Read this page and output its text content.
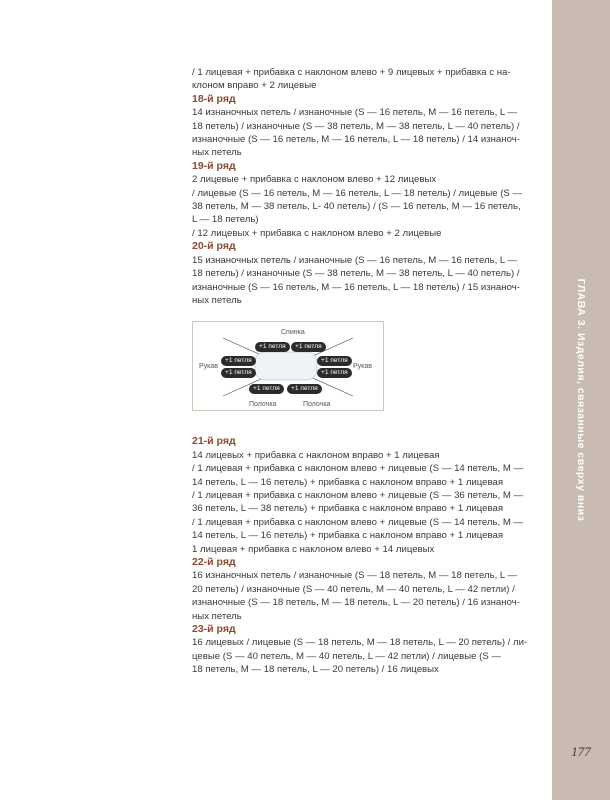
/ 1 лицевая + прибавка с наклоном влево + 9 лицевых + прибавка с на- клоном вправо + 2 лицевые

18-й ряд

14 изнаночных петель / изнаночные (S — 16 петель, M — 16 петель, L —

18 петель) / изнаночные (S — 38 петель, M — 38 петель, L — 40 петель) /

изнаночные (S — 16 петель, M — 16 петель, L — 18 петель) / 14 изнаноч-

ных петель

19-й ряд

2 лицевые + прибавка с наклоном влево + 12 лицевых

/ лицевые (S — 16 петель, M — 16 петель, L — 18 петель) / лицевые (S —

38 петель, M — 38 петель, L- 40 петель) / (S — 16 петель, M — 16 петель,

L — 18 петель)

/ 12 лицевых + прибавка с наклоном влево + 2 лицевые

20-й ряд

15 изнаночных петель / изнаночные (S — 16 петель, M — 16 петель, L —

18 петель) / изнаночные (S — 38 петель, M — 38 петель, L — 40 петель) /

изнаночные (S — 16 петель, M — 16 петель, L — 18 петель) / 15 изнаноч-

ных петель

Спинка
Рукав	Рукав
Полочка	Полочка
+1 петля	+1 петля
+1 петля
+1 петля
+1 петля
+1 петля
+1 петля	+1 петля

21-й ряд

14 лицевых + прибавка с наклоном вправо + 1 лицевая

/ 1 лицевая + прибавка с наклоном влево + лицевые (S — 14 петель, M —

14 петель, L — 16 петель) + прибавка с наклоном вправо + 1 лицевая

/ 1 лицевая + прибавка с наклоном влево + лицевые (S — 36 петель, M —

36 петель, L — 38 петель) + прибавка с наклоном вправо + 1 лицевая

/ 1 лицевая + прибавка с наклоном влево + лицевые (S — 14 петель, M —

14 петель, L — 16 петель) + прибавка с наклоном вправо + 1 лицевая

1 лицевая + прибавка с наклоном влево + 14 лицевых

22-й ряд

16 изнаночных петель / изнаночные (S — 18 петель, M — 18 петель, L —

20 петель) / изнаночные (S — 40 петель, M — 40 петель, L — 42 петли) /

изнаночные (S — 18 петель, M — 18 петель, L — 20 петель) / 16 изнаноч-

ных петель

23-й ряд

16 лицевых / лицевые (S — 18 петель, M — 18 петель, L — 20 петель) / ли-

цевые (S — 40 петель, M — 40 петель, L — 42 петли) / лицевые (S —

18 петель, M — 18 петель, L — 20 петель) / 16 лицевых

ГЛАВА 3. Изделия, связанные сверху вниз
177
